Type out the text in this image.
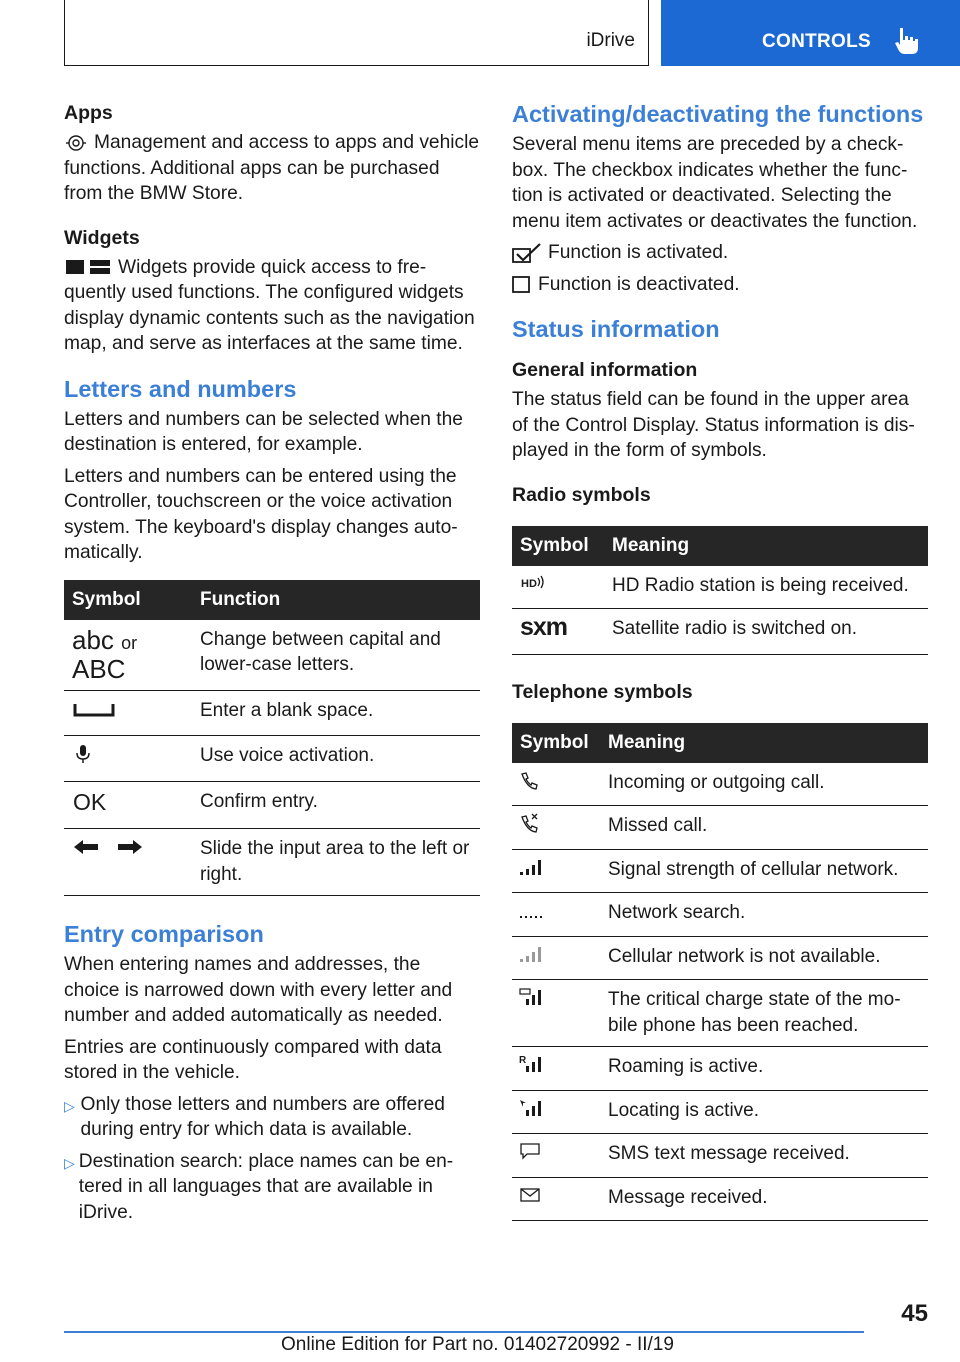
iDrive	CONTROLS
Apps

Management and access to apps and vehicle functions. Additional apps can be purchased from the BMW Store.

Widgets

Widgets provide quick access to fre-quently used functions. The configured widgets display dynamic contents such as the navigation map, and serve as interfaces at the same time.

Letters and numbers

Letters and numbers can be selected when the destination is entered, for example.

Letters and numbers can be entered using the Controller, touchscreen or the voice activation system. The keyboard's display changes auto-matically.

Symbol	Function

abc or
ABC	Change between capital and lower-case letters.
	Enter a blank space.
	Use voice activation.

OK	Confirm entry.
	Slide the input area to the left or right.
Entry comparison

When entering names and addresses, the choice is narrowed down with every letter and number and added automatically as needed.

Entries are continuously compared with data stored in the vehicle.

▷ Only those letters and numbers are offered during entry for which data is available.
▷ Destination search: place names can be en-tered in all languages that are available in iDrive.
Activating/deactivating the functions

Several menu items are preceded by a check-box. The checkbox indicates whether the func-tion is activated or deactivated. Selecting the menu item activates or deactivates the function.

Function is activated.

Function is deactivated.

Status information
General information

The status field can be found in the upper area of the Control Display. Status information is dis-played in the form of symbols.

Radio symbols
Symbol	Meaning

HD	HD Radio station is being received.

sxm	Satellite radio is switched on.
Telephone symbols
Symbol	Meaning
	Incoming or outgoing call.
	Missed call.
	Signal strength of cellular network.
	Network search.
	Cellular network is not available.
	The critical charge state of the mo-bile phone has been reached.

R	Roaming is active.
	Locating is active.
	SMS text message received.
	Message received.
45
Online Edition for Part no. 01402720992 - II/19
